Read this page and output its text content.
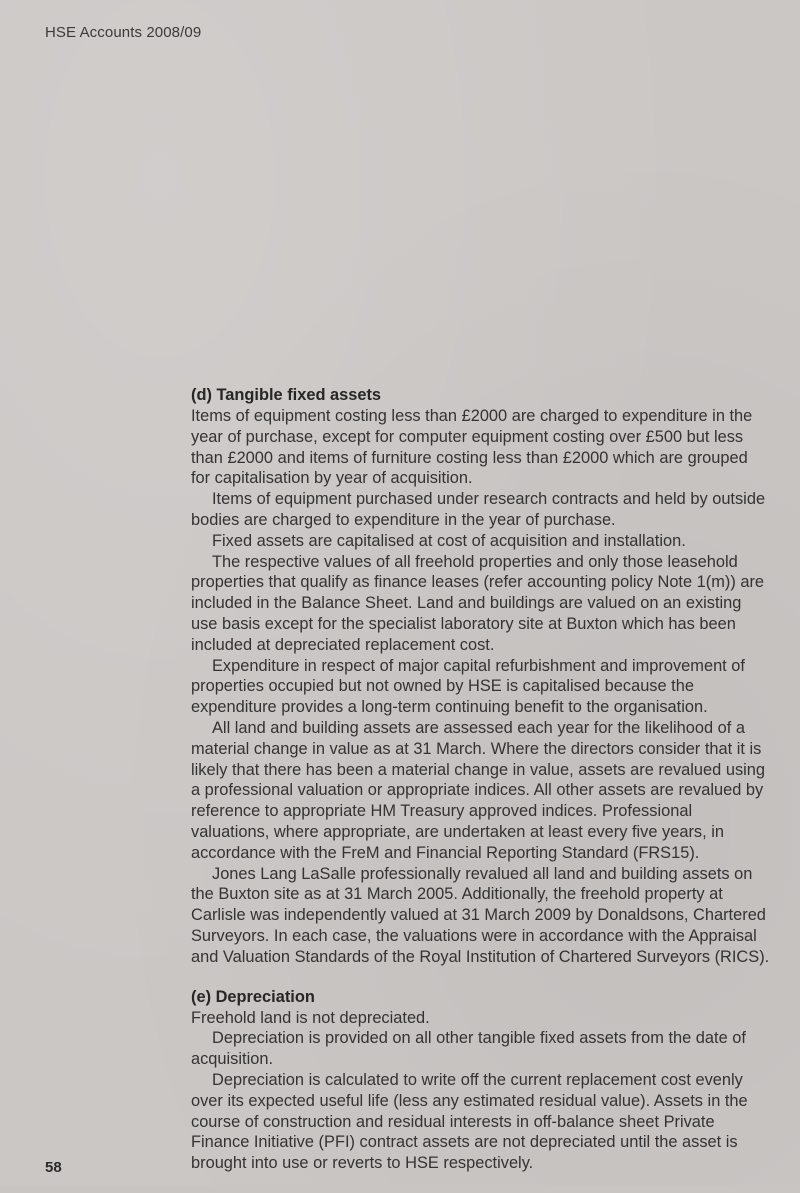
HSE Accounts 2008/09
(d) Tangible fixed assets

Items of equipment costing less than £2000 are charged to expenditure in the year of purchase, except for computer equipment costing over £500 but less than £2000 and items of furniture costing less than £2000 which are grouped for capitalisation by year of acquisition.

Items of equipment purchased under research contracts and held by outside bodies are charged to expenditure in the year of purchase.

Fixed assets are capitalised at cost of acquisition and installation.

The respective values of all freehold properties and only those leasehold properties that qualify as finance leases (refer accounting policy Note 1(m)) are included in the Balance Sheet. Land and buildings are valued on an existing use basis except for the specialist laboratory site at Buxton which has been included at depreciated replacement cost.

Expenditure in respect of major capital refurbishment and improvement of properties occupied but not owned by HSE is capitalised because the expenditure provides a long-term continuing benefit to the organisation.

All land and building assets are assessed each year for the likelihood of a material change in value as at 31 March. Where the directors consider that it is likely that there has been a material change in value, assets are revalued using a professional valuation or appropriate indices. All other assets are revalued by reference to appropriate HM Treasury approved indices. Professional valuations, where appropriate, are undertaken at least every five years, in accordance with the FreM and Financial Reporting Standard (FRS15).

Jones Lang LaSalle professionally revalued all land and building assets on the Buxton site as at 31 March 2005. Additionally, the freehold property at Carlisle was independently valued at 31 March 2009 by Donaldsons, Chartered Surveyors. In each case, the valuations were in accordance with the Appraisal and Valuation Standards of the Royal Institution of Chartered Surveyors (RICS).

(e) Depreciation

Freehold land is not depreciated.

Depreciation is provided on all other tangible fixed assets from the date of acquisition.

Depreciation is calculated to write off the current replacement cost evenly over its expected useful life (less any estimated residual value). Assets in the course of construction and residual interests in off-balance sheet Private Finance Initiative (PFI) contract assets are not depreciated until the asset is brought into use or reverts to HSE respectively.

58
